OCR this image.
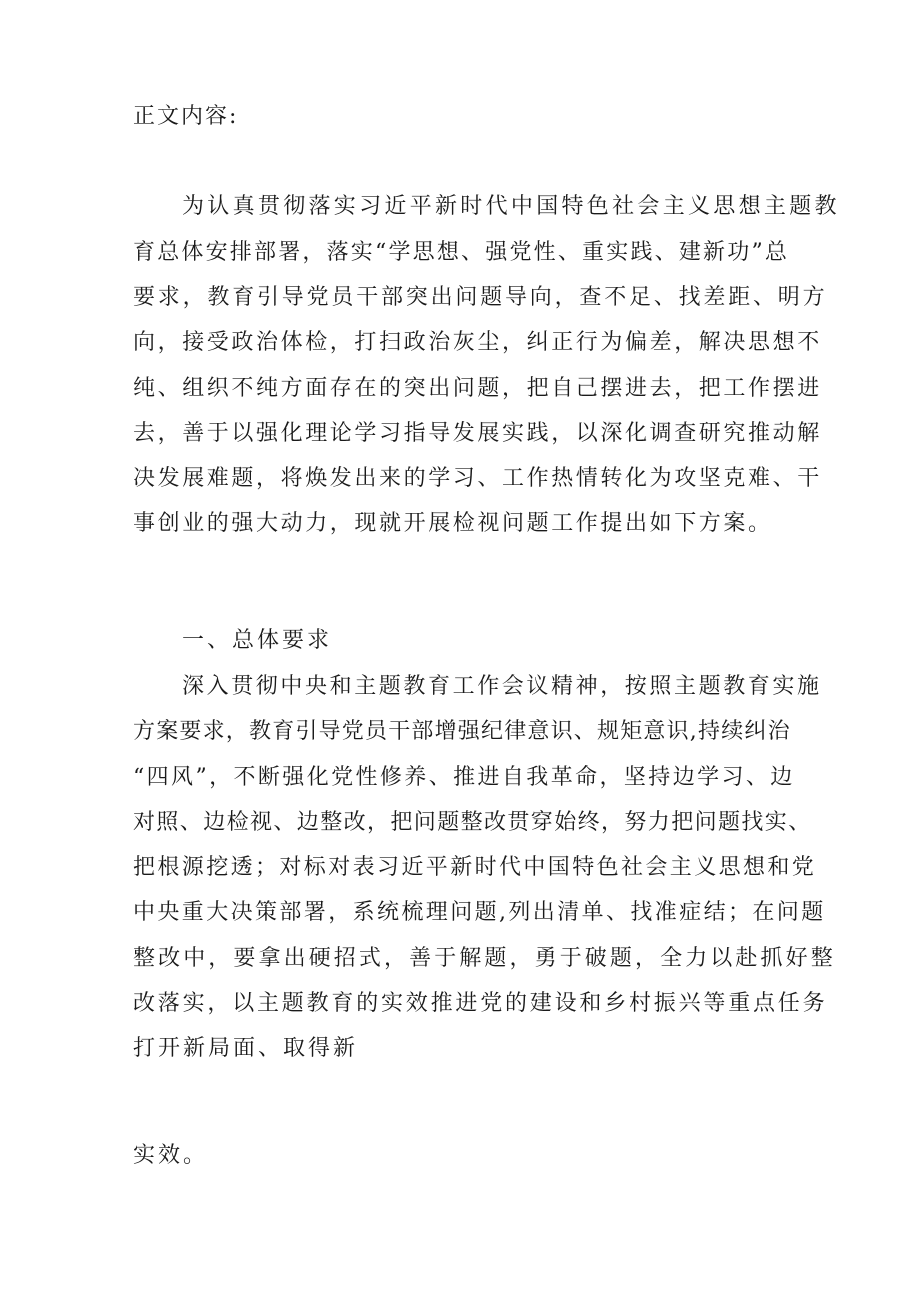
正文内容:
为认真贯彻落实习近平新时代中国特色社会主义思想主题教
育总体安排部署，落实“学思想、强党性、重实践、建新功”总
要求，教育引导党员干部突出问题导向，查不足、找差距、明方
向，接受政治体检，打扫政治灰尘，纠正行为偏差，解决思想不
纯、组织不纯方面存在的突出问题，把自己摆进去，把工作摆进
去，善于以强化理论学习指导发展实践，以深化调查研究推动解
决发展难题，将焕发出来的学习、工作热情转化为攻坚克难、干
事创业的强大动力，现就开展检视问题工作提出如下方案。
一、总体要求
深入贯彻中央和主题教育工作会议精神，按照主题教育实施
方案要求，教育引导党员干部增强纪律意识、规矩意识,持续纠治
“四风”，不断强化党性修养、推进自我革命，坚持边学习、边
对照、边检视、边整改，把问题整改贯穿始终，努力把问题找实、
把根源挖透；对标对表习近平新时代中国特色社会主义思想和党
中央重大决策部署，系统梳理问题,列出清单、找准症结；在问题
整改中，要拿出硬招式，善于解题，勇于破题，全力以赴抓好整
改落实，以主题教育的实效推进党的建设和乡村振兴等重点任务
打开新局面、取得新
实效。
